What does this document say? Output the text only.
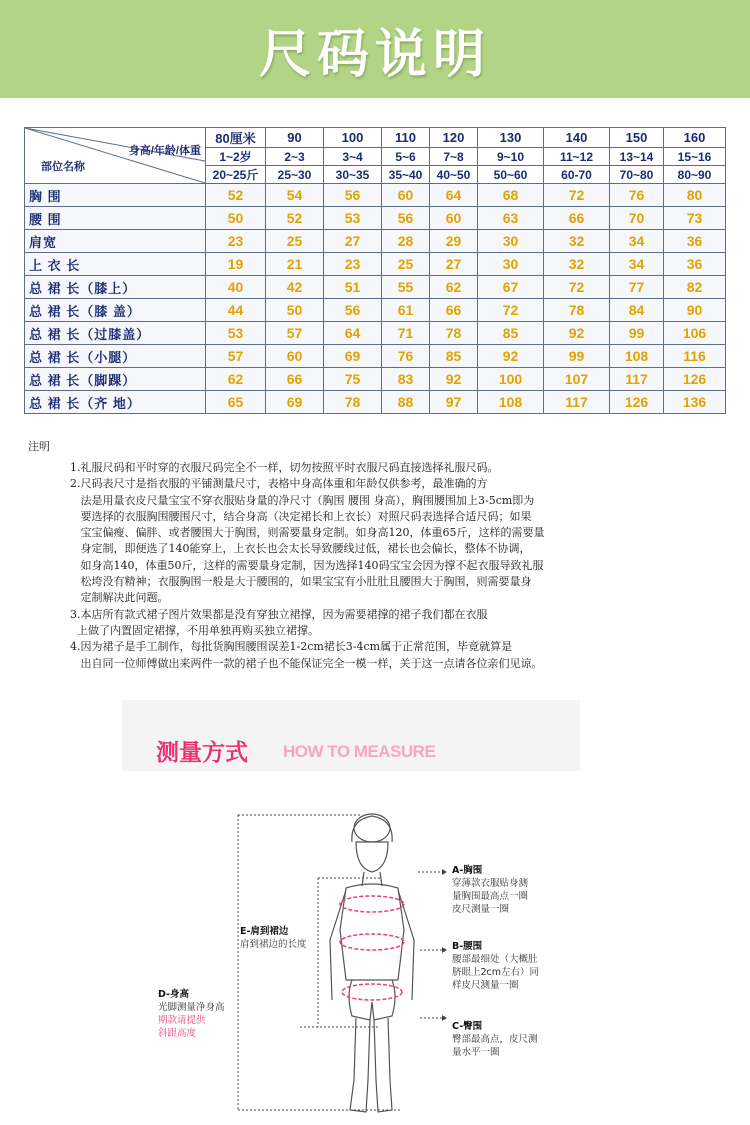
尺码说明
身高/年龄/体重
部位名称	80厘米	90	100	110	120	130	140	150	160
	1~2岁	2~3	3~4	5~6	7~8	9~10	11~12	13~14	15~16
	20~25斤	25~30	30~35	35~40	40~50	50~60	60-70	70~80	80~90
胸 围	52	54	56	60	64	68	72	76	80
腰 围	50	52	53	56	60	63	66	70	73
肩宽	23	25	27	28	29	30	32	34	36
上 衣 长	19	21	23	25	27	30	32	34	36
总 裙 长（膝上）	40	42	51	55	62	67	72	77	82
总 裙 长（膝 盖）	44	50	56	61	66	72	78	84	90
总 裙 长（过膝盖）	53	57	64	71	78	85	92	99	106
总 裙 长（小腿）	57	60	69	76	85	92	99	108	116
总 裙 长（脚踝）	62	66	75	83	92	100	107	117	126
总 裙 长（齐 地）	65	69	78	88	97	108	117	126	136
注明

1.礼服尺码和平时穿的衣服尺码完全不一样，切勿按照平时衣服尺码直接选择礼服尺码。

2.尺码表尺寸是指衣服的平铺测量尺寸，表格中身高体重和年龄仅供参考，最准确的方

法是用量衣皮尺量宝宝不穿衣服贴身量的净尺寸（胸围 腰围 身高），胸围腰围加上3-5cm即为

要选择的衣服胸围腰围尺寸，结合身高（决定裙长和上衣长）对照尺码表选择合适尺码；如果

宝宝偏瘦、偏胖、或者腰围大于胸围，则需要量身定制。如身高120，体重65斤，这样的需要量

身定制，即便选了140能穿上，上衣长也会太长导致腰线过低，裙长也会偏长，整体不协调，

如身高140，体重50斤，这样的需要量身定制，因为选择140码宝宝会因为撑不起衣服导致礼服

松垮没有精神；衣服胸围一般是大于腰围的，如果宝宝有小肚肚且腰围大于胸围，则需要量身

定制解决此问题。

3.本店所有款式裙子图片效果都是没有穿独立裙撑，因为需要裙撑的裙子我们都在衣服

上做了内置固定裙撑，不用单独再购买独立裙撑。

4.因为裙子是手工制作，每批货胸围腰围误差1-2cm裙长3-4cm属于正常范围，毕竟就算是

出自同一位师傅做出来两件一款的裙子也不能保证完全一模一样，关于这一点请各位亲们见谅。

测量方式 HOW TO MEASURE
A-胸围
穿薄款衣服贴身测
量胸围最高点一圈
皮尺测量一圈
B-腰围
腰部最细处（大概肚
脐眼上2cm左右）同
样皮尺测量一圈
C-臀围
臀部最高点，皮尺测
量水平一圈
D-身高
光脚测量净身高
期款请提供
斜跟高度
E-肩到裙边
肩到裙边的长度
